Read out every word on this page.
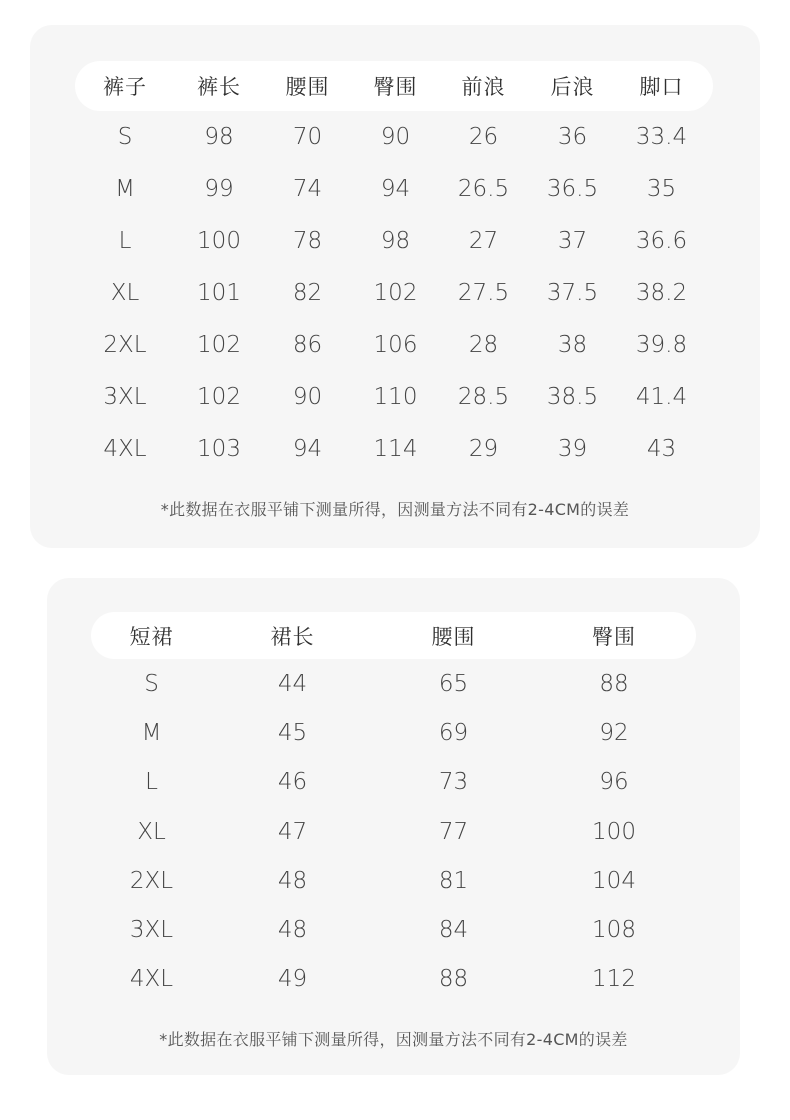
裤子	裤长	腰围	臀围	前浪	后浪	脚口
S	98	70	90	26	36	33.4
M	99	74	94	26.5	36.5	35
L	100	78	98	27	37	36.6
XL	101	82	102	27.5	37.5	38.2
2XL	102	86	106	28	38	39.8
3XL	102	90	110	28.5	38.5	41.4
4XL	103	94	114	29	39	43
*此数据在衣服平铺下测量所得，因测量方法不同有2-4CM的误差
短裙	裙长	腰围	臀围
S	44	65	88
M	45	69	92
L	46	73	96
XL	47	77	100
2XL	48	81	104
3XL	48	84	108
4XL	49	88	112
*此数据在衣服平铺下测量所得，因测量方法不同有2-4CM的误差
